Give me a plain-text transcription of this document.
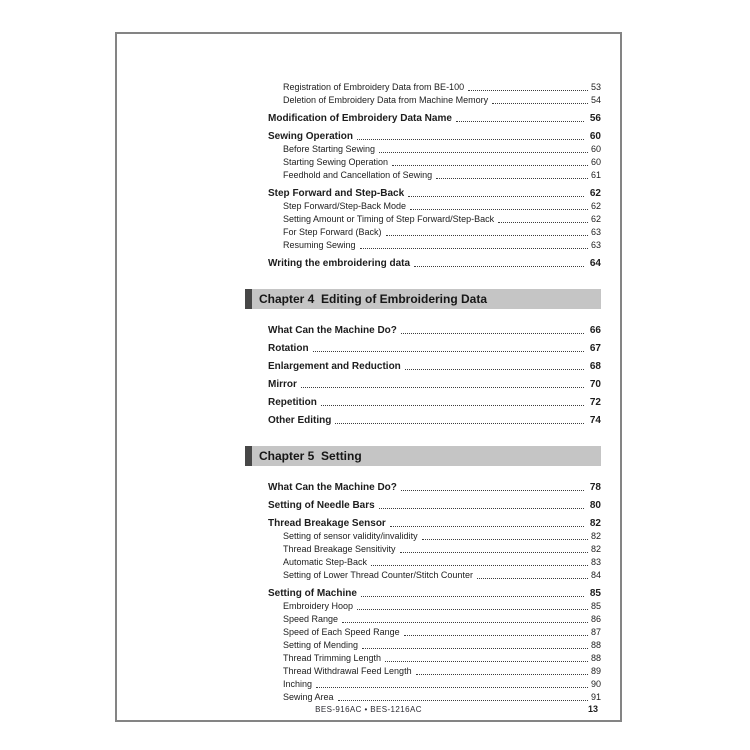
Registration of Embroidery Data from BE-100	53
Deletion of Embroidery Data from Machine Memory	54
Modification of Embroidery Data Name	56
Sewing Operation	60
Before Starting Sewing	60
Starting Sewing Operation	60
Feedhold and Cancellation of Sewing	61
Step Forward and Step-Back	62
Step Forward/Step-Back Mode	62
Setting Amount or Timing of Step Forward/Step-Back	62
For Step Forward (Back)	63
Resuming Sewing	63
Writing the embroidering data	64
Chapter 4  Editing of Embroidering Data
What Can the Machine Do?	66
Rotation	67
Enlargement and Reduction	68
Mirror	70
Repetition	72
Other Editing	74
Chapter 5  Setting
What Can the Machine Do?	78
Setting of Needle Bars	80
Thread Breakage Sensor	82
Setting of sensor validity/invalidity	82
Thread Breakage Sensitivity	82
Automatic Step-Back	83
Setting of Lower Thread Counter/Stitch Counter	84
Setting of Machine	85
Embroidery Hoop	85
Speed Range	86
Speed of Each Speed Range	87
Setting of Mending	88
Thread Trimming Length	88
Thread Withdrawal Feed Length	89
Inching	90
Sewing Area	91
BES-916AC • BES-1216AC	13
